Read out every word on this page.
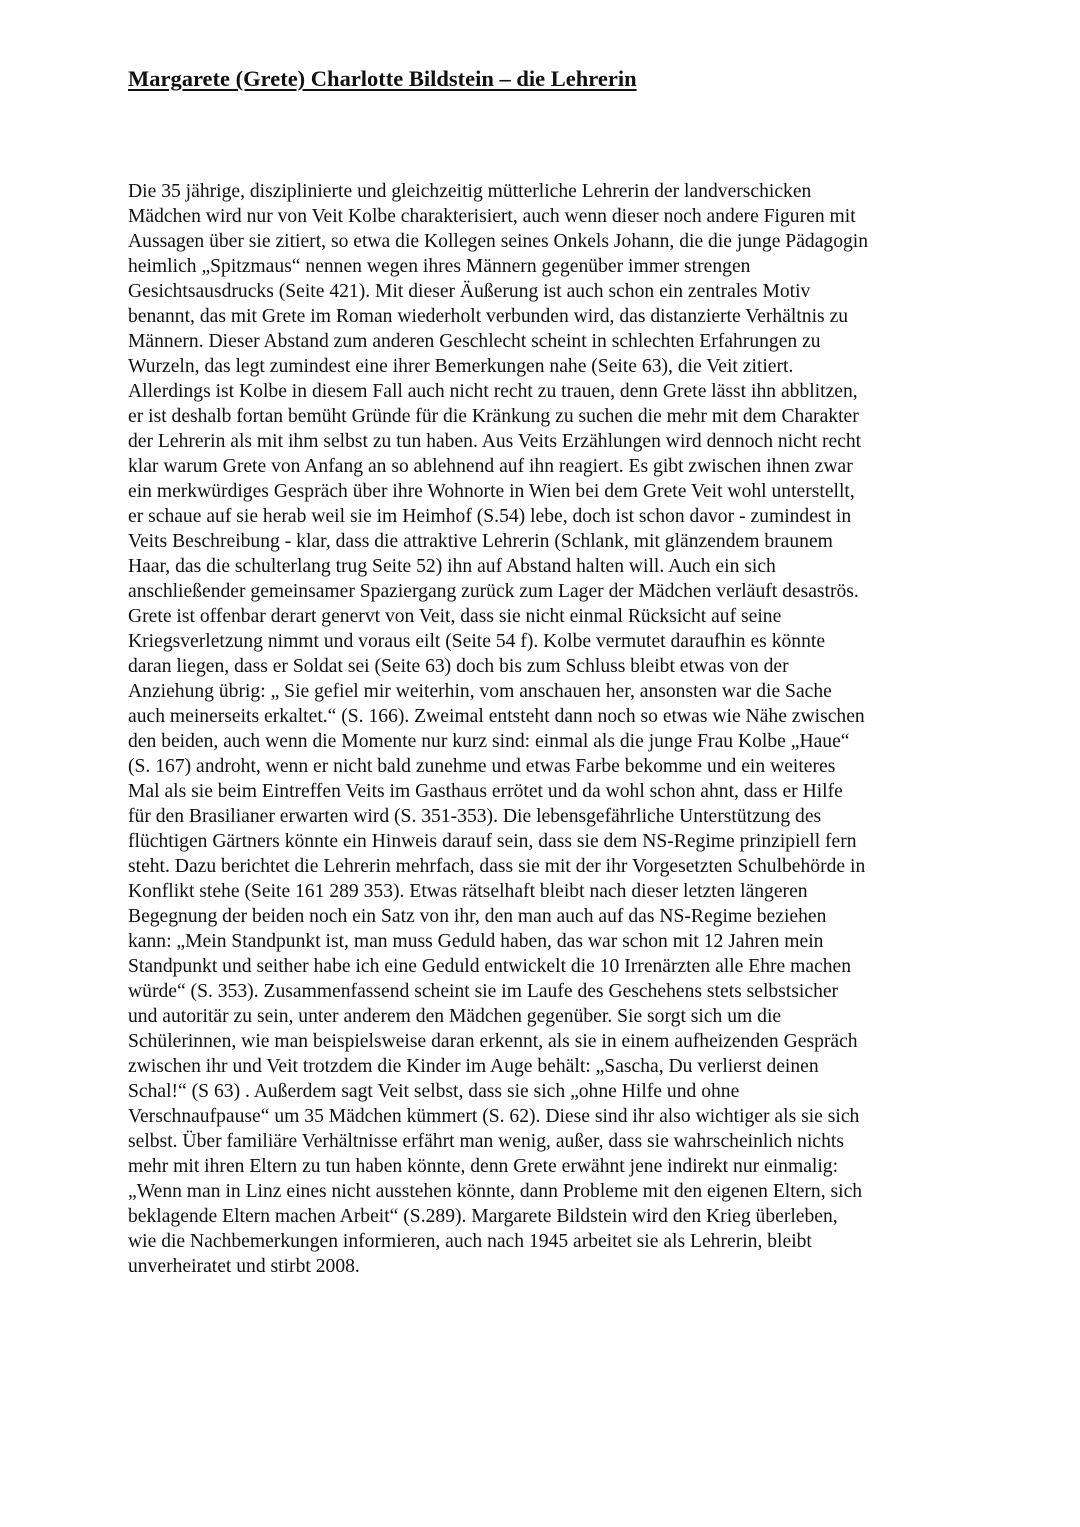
Margarete (Grete) Charlotte Bildstein – die Lehrerin
Die 35 jährige, disziplinierte und gleichzeitig mütterliche Lehrerin der landverschicken
Mädchen wird nur von Veit Kolbe charakterisiert, auch wenn dieser noch andere Figuren mit
Aussagen über sie zitiert, so etwa die Kollegen seines Onkels Johann, die die junge Pädagogin
heimlich „Spitzmaus“ nennen wegen ihres Männern gegenüber immer strengen
Gesichtsausdrucks (Seite 421). Mit dieser Äußerung ist auch schon ein zentrales Motiv
benannt, das mit Grete im Roman wiederholt verbunden wird, das distanzierte Verhältnis zu
Männern. Dieser Abstand zum anderen Geschlecht scheint in schlechten Erfahrungen zu
Wurzeln, das legt zumindest eine ihrer Bemerkungen nahe (Seite 63), die Veit zitiert.
Allerdings ist Kolbe in diesem Fall auch nicht recht zu trauen, denn Grete lässt ihn abblitzen,
er ist deshalb fortan bemüht Gründe für die Kränkung zu suchen die mehr mit dem Charakter
der Lehrerin als mit ihm selbst zu tun haben. Aus Veits Erzählungen wird dennoch nicht recht
klar warum Grete von Anfang an so ablehnend auf ihn reagiert. Es gibt zwischen ihnen zwar
ein merkwürdiges Gespräch über ihre Wohnorte in Wien bei dem Grete Veit wohl unterstellt,
er schaue auf sie herab weil sie im Heimhof (S.54) lebe, doch ist schon davor - zumindest in
Veits Beschreibung - klar, dass die attraktive Lehrerin (Schlank, mit glänzendem braunem
Haar, das die schulterlang trug Seite 52) ihn auf Abstand halten will. Auch ein sich
anschließender gemeinsamer Spaziergang zurück zum Lager der Mädchen verläuft desaströs.
Grete ist offenbar derart genervt von Veit, dass sie nicht einmal Rücksicht auf seine
Kriegsverletzung nimmt und voraus eilt (Seite 54 f). Kolbe vermutet daraufhin es könnte
daran liegen, dass er Soldat sei (Seite 63) doch bis zum Schluss bleibt etwas von der
Anziehung übrig: „ Sie gefiel mir weiterhin, vom anschauen her, ansonsten war die Sache
auch meinerseits erkaltet.“ (S. 166). Zweimal entsteht dann noch so etwas wie Nähe zwischen
den beiden, auch wenn die Momente nur kurz sind: einmal als die junge Frau Kolbe „Haue“
(S. 167) androht, wenn er nicht bald zunehme und etwas Farbe bekomme und ein weiteres
Mal als sie beim Eintreffen Veits im Gasthaus errötet und da wohl schon ahnt, dass er Hilfe
für den Brasilianer erwarten wird (S. 351-353). Die lebensgefährliche Unterstützung des
flüchtigen Gärtners könnte ein Hinweis darauf sein, dass sie dem NS-Regime prinzipiell fern
steht. Dazu berichtet die Lehrerin mehrfach, dass sie mit der ihr Vorgesetzten Schulbehörde in
Konflikt stehe (Seite 161 289 353). Etwas rätselhaft bleibt nach dieser letzten längeren
Begegnung der beiden noch ein Satz von ihr, den man auch auf das NS-Regime beziehen
kann: „Mein Standpunkt ist, man muss Geduld haben, das war schon mit 12 Jahren mein
Standpunkt und seither habe ich eine Geduld entwickelt die 10 Irrenärzten alle Ehre machen
würde“ (S. 353). Zusammenfassend scheint sie im Laufe des Geschehens stets selbstsicher
und autoritär zu sein, unter anderem den Mädchen gegenüber. Sie sorgt sich um die
Schülerinnen, wie man beispielsweise daran erkennt, als sie in einem aufheizenden Gespräch
zwischen ihr und Veit trotzdem die Kinder im Auge behält: „Sascha, Du verlierst deinen
Schal!“ (S 63) . Außerdem sagt Veit selbst, dass sie sich „ohne Hilfe und ohne
Verschnaufpause“ um 35 Mädchen kümmert (S. 62). Diese sind ihr also wichtiger als sie sich
selbst. Über familiäre Verhältnisse erfährt man wenig, außer, dass sie wahrscheinlich nichts
mehr mit ihren Eltern zu tun haben könnte, denn Grete erwähnt jene indirekt nur einmalig:
„Wenn man in Linz eines nicht ausstehen könnte, dann Probleme mit den eigenen Eltern, sich
beklagende Eltern machen Arbeit“ (S.289). Margarete Bildstein wird den Krieg überleben,
wie die Nachbemerkungen informieren, auch nach 1945 arbeitet sie als Lehrerin, bleibt
unverheiratet und stirbt 2008.
